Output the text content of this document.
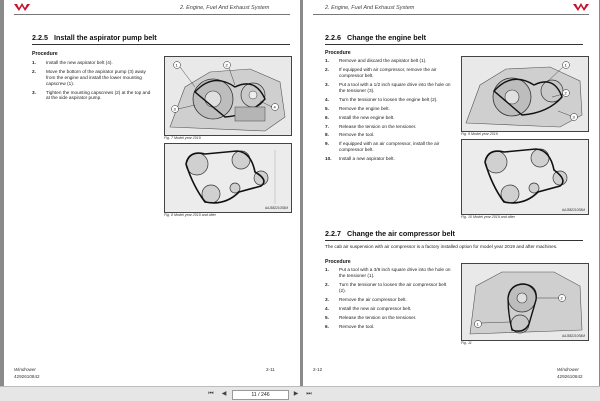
2. Engine, Fuel And Exhaust System
2.2.5 Install the aspirator pump belt
Procedure
1. Install the new aspirator belt (4).
2. Move the bottom of the aspirator pump (3) away from the engine and install the lower mounting capscrew (1).
3. Tighten the mounting capscrews (2) at the top and at the side aspirator pump.
1	2
3	4
Fig. 7 Model year 2019
AAJ582210S8M
Fig. 8 Model year 2019 and after
Windrower
4292610842
2-11
2. Engine, Fuel And Exhaust System
2.2.6 Change the engine belt
Procedure
1. Remove and discard the aspirator belt (1).
2. If equipped with air compressor, remove the air compressor belt.
3. Put a tool with a 1/2 inch square drive into the hole on the tensioner (3).
4. Turn the tensioner to loosen the engine belt (2).
5. Remove the engine belt.
6. Install the new engine belt.
7. Release the tension on the tensioner.
8. Remove the tool.
9. If equipped with an air compressor, install the air compressor belt.
10. Install a new aspirator belt.
1
2
3
Fig. 9 Model year 2019
AAJ582210S8M
Fig. 10 Model year 2019 and after
2.2.7 Change the air compressor belt
The cab air suspension with air compressor is a factory installed option for model year 2019 and after machines.
Procedure
1. Put a tool with a 3/8 inch square drive into the hole on the tensioner (1).
2. Turn the tensioner to loosen the air compressor belt (2).
3. Remove the air compressor belt.
4. Install the new air compressor belt.
5. Release the tension on the tensioner.
6. Remove the tool.	1
2
AAJ582210S8M
Fig. 11
2-12	Windrower
4292610842
⏮	◀	11 / 246	▶	⏭
